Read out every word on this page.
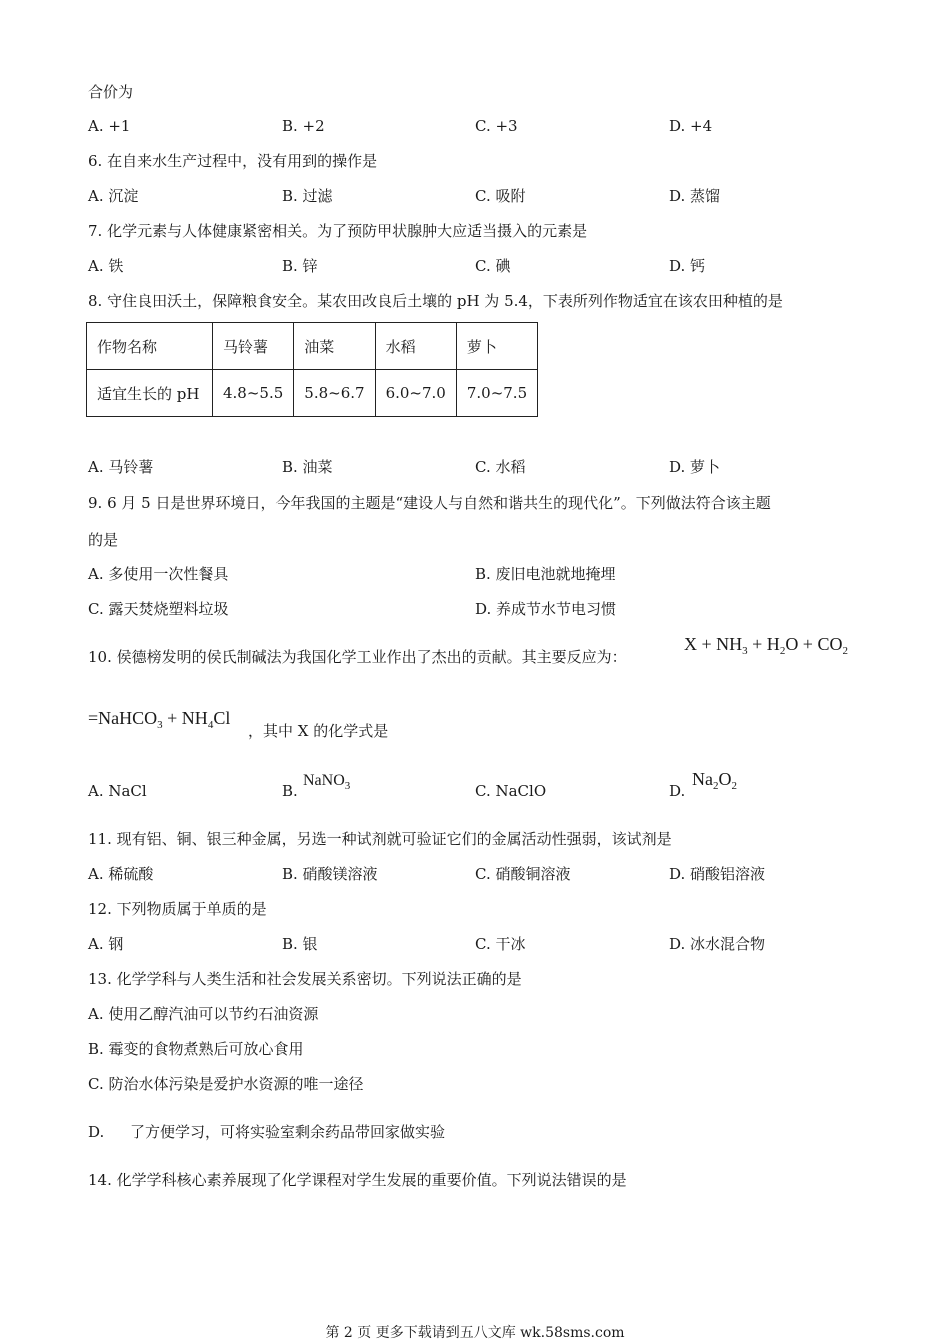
合价为
A. +1	B. +2	C. +3	D. +4
6. 在自来水生产过程中，没有用到的操作是
A. 沉淀	B. 过滤	C. 吸附	D. 蒸馏
7. 化学元素与人体健康紧密相关。为了预防甲状腺肿大应适当摄入的元素是
A. 铁	B. 锌	C. 碘	D. 钙
8. 守住良田沃土，保障粮食安全。某农田改良后土壤的 pH 为 5.4，下表所列作物适宜在该农田种植的是
作物名称	马铃薯	油菜	水稻	萝卜
适宜生长的 pH	4.8~5.5	5.8~6.7	6.0~7.0	7.0~7.5
A. 马铃薯	B. 油菜	C. 水稻	D. 萝卜
9. 6 月 5 日是世界环境日，今年我国的主题是“建设人与自然和谐共生的现代化”。下列做法符合该主题
的是
A. 多使用一次性餐具	B. 废旧电池就地掩埋
C. 露天焚烧塑料垃圾	D. 养成节水节电习惯
10. 侯德榜发明的侯氏制碱法为我国化学工业作出了杰出的贡献。其主要反应为：
$X + NH_3 + H_2O + CO_2$
=NaHCO$_3$ + $NH_4Cl$
，其中 X 的化学式是
A. NaCl	B.
NaNO$_3$	C. NaClO	D.
$Na_2O_2$
11. 现有铝、铜、银三种金属，另选一种试剂就可验证它们的金属活动性强弱，该试剂是
A. 稀硫酸	B. 硝酸镁溶液	C. 硝酸铜溶液	D. 硝酸铝溶液
12. 下列物质属于单质的是
A. 钢	B. 银	C. 干冰	D. 冰水混合物
13. 化学学科与人类生活和社会发展关系密切。下列说法正确的是
A. 使用乙醇汽油可以节约石油资源
B. 霉变的食物煮熟后可放心食用
C. 防治水体污染是爱护水资源的唯一途径
D. 了方便学习，可将实验室剩余药品带回家做实验
14. 化学学科核心素养展现了化学课程对学生发展的重要价值。下列说法错误的是
第 2 页 更多下载请到五八文库 wk.58sms.com
